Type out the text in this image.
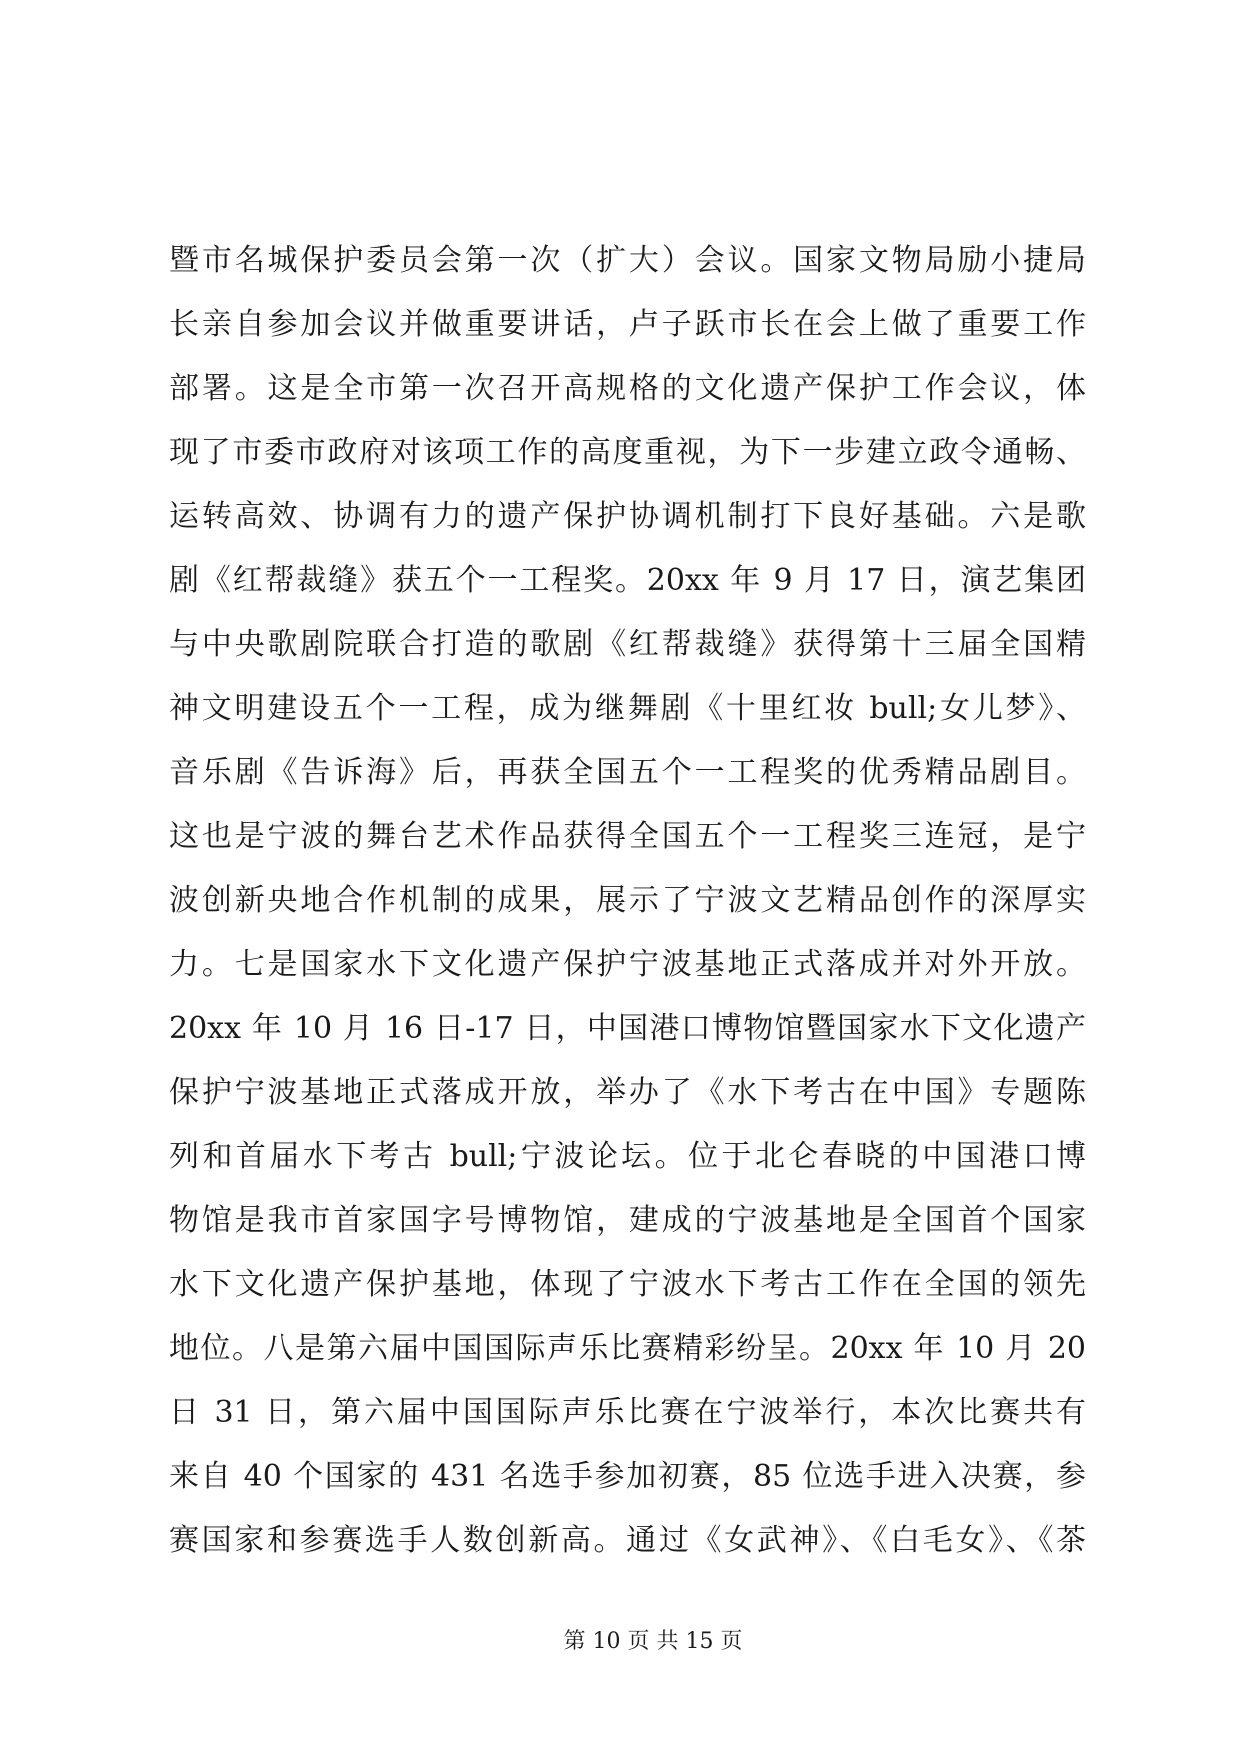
暨市名城保护委员会第一次（扩大）会议。国家文物局励小捷局
长亲自参加会议并做重要讲话，卢子跃市长在会上做了重要工作
部署。这是全市第一次召开高规格的文化遗产保护工作会议，体
现了市委市政府对该项工作的高度重视，为下一步建立政令通畅、
运转高效、协调有力的遗产保护协调机制打下良好基础。六是歌
剧《红帮裁缝》获五个一工程奖。20xx 年 9 月 17 日，演艺集团
与中央歌剧院联合打造的歌剧《红帮裁缝》获得第十三届全国精
神文明建设五个一工程，成为继舞剧《十里红妆 bull;女儿梦》、
音乐剧《告诉海》后，再获全国五个一工程奖的优秀精品剧目。
这也是宁波的舞台艺术作品获得全国五个一工程奖三连冠，是宁
波创新央地合作机制的成果，展示了宁波文艺精品创作的深厚实
力。七是国家水下文化遗产保护宁波基地正式落成并对外开放。
20xx 年 10 月 16 日-17 日，中国港口博物馆暨国家水下文化遗产
保护宁波基地正式落成开放，举办了《水下考古在中国》专题陈
列和首届水下考古 bull;宁波论坛。位于北仑春晓的中国港口博
物馆是我市首家国字号博物馆，建成的宁波基地是全国首个国家
水下文化遗产保护基地，体现了宁波水下考古工作在全国的领先
地位。八是第六届中国国际声乐比赛精彩纷呈。20xx 年 10 月 20
日 31 日，第六届中国国际声乐比赛在宁波举行，本次比赛共有
来自 40 个国家的 431 名选手参加初赛，85 位选手进入决赛，参
赛国家和参赛选手人数创新高。通过《女武神》、《白毛女》、《茶
第 10 页 共 15 页
